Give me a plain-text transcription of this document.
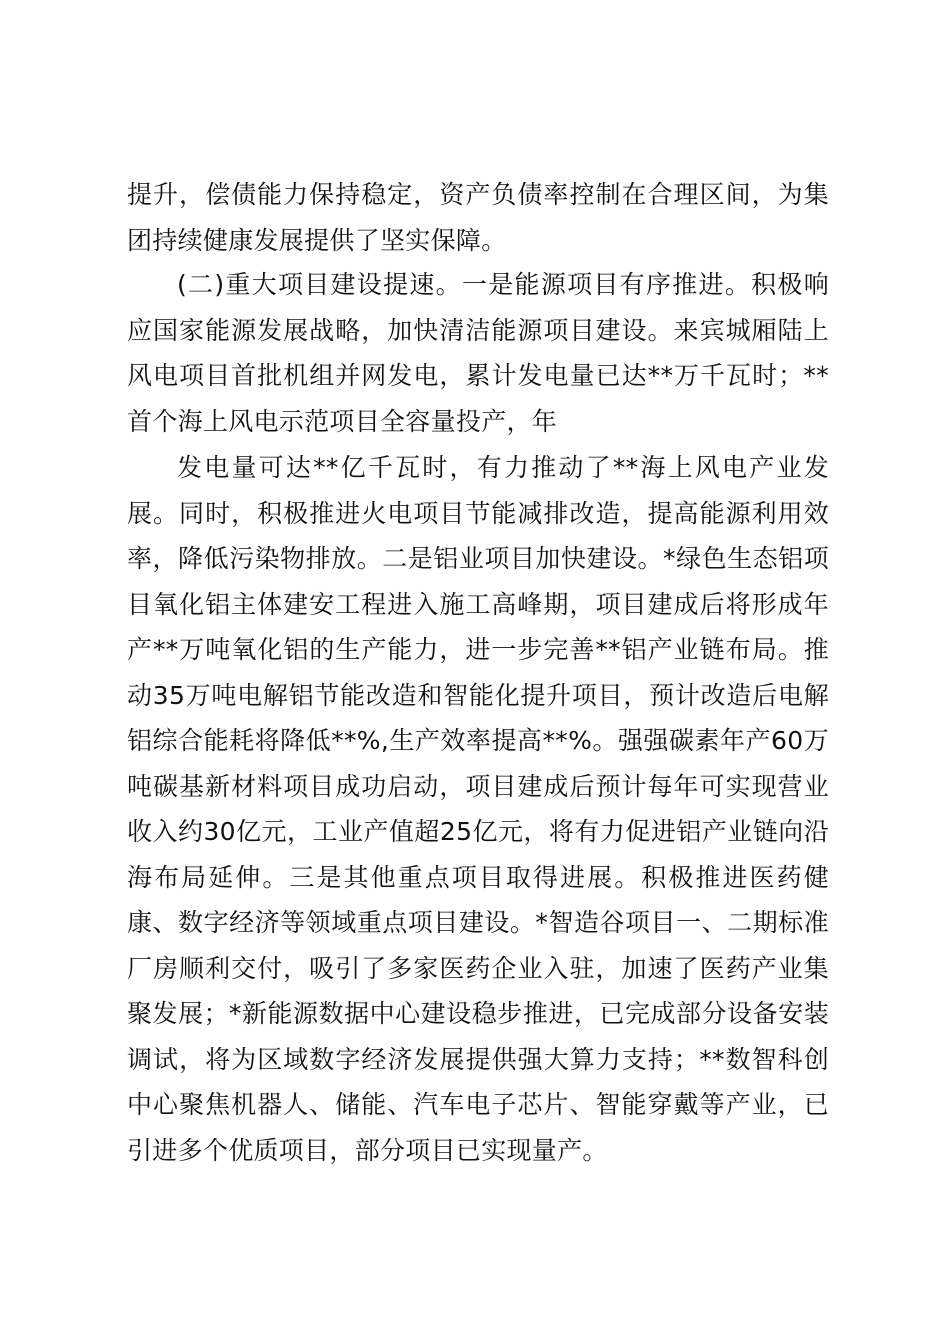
提升，偿债能力保持稳定，资产负债率控制在合理区间，为集团持续健康发展提供了坚实保障。

(二)重大项目建设提速。一是能源项目有序推进。积极响应国家能源发展战略，加快清洁能源项目建设。来宾城厢陆上风电项目首批机组并网发电，累计发电量已达**万千瓦时；**首个海上风电示范项目全容量投产，年

发电量可达**亿千瓦时，有力推动了**海上风电产业发展。同时，积极推进火电项目节能减排改造，提高能源利用效率，降低污染物排放。二是铝业项目加快建设。*绿色生态铝项目氧化铝主体建安工程进入施工高峰期，项目建成后将形成年产**万吨氧化铝的生产能力，进一步完善**铝产业链布局。推动35万吨电解铝节能改造和智能化提升项目，预计改造后电解铝综合能耗将降低**%,生产效率提高**%。强强碳素年产60万吨碳基新材料项目成功启动，项目建成后预计每年可实现营业收入约30亿元，工业产值超25亿元，将有力促进铝产业链向沿海布局延伸。三是其他重点项目取得进展。积极推进医药健康、数字经济等领域重点项目建设。*智造谷项目一、二期标准厂房顺利交付，吸引了多家医药企业入驻，加速了医药产业集聚发展；*新能源数据中心建设稳步推进，已完成部分设备安装调试，将为区域数字经济发展提供强大算力支持；**数智科创中心聚焦机器人、储能、汽车电子芯片、智能穿戴等产业，已引进多个优质项目，部分项目已实现量产。
